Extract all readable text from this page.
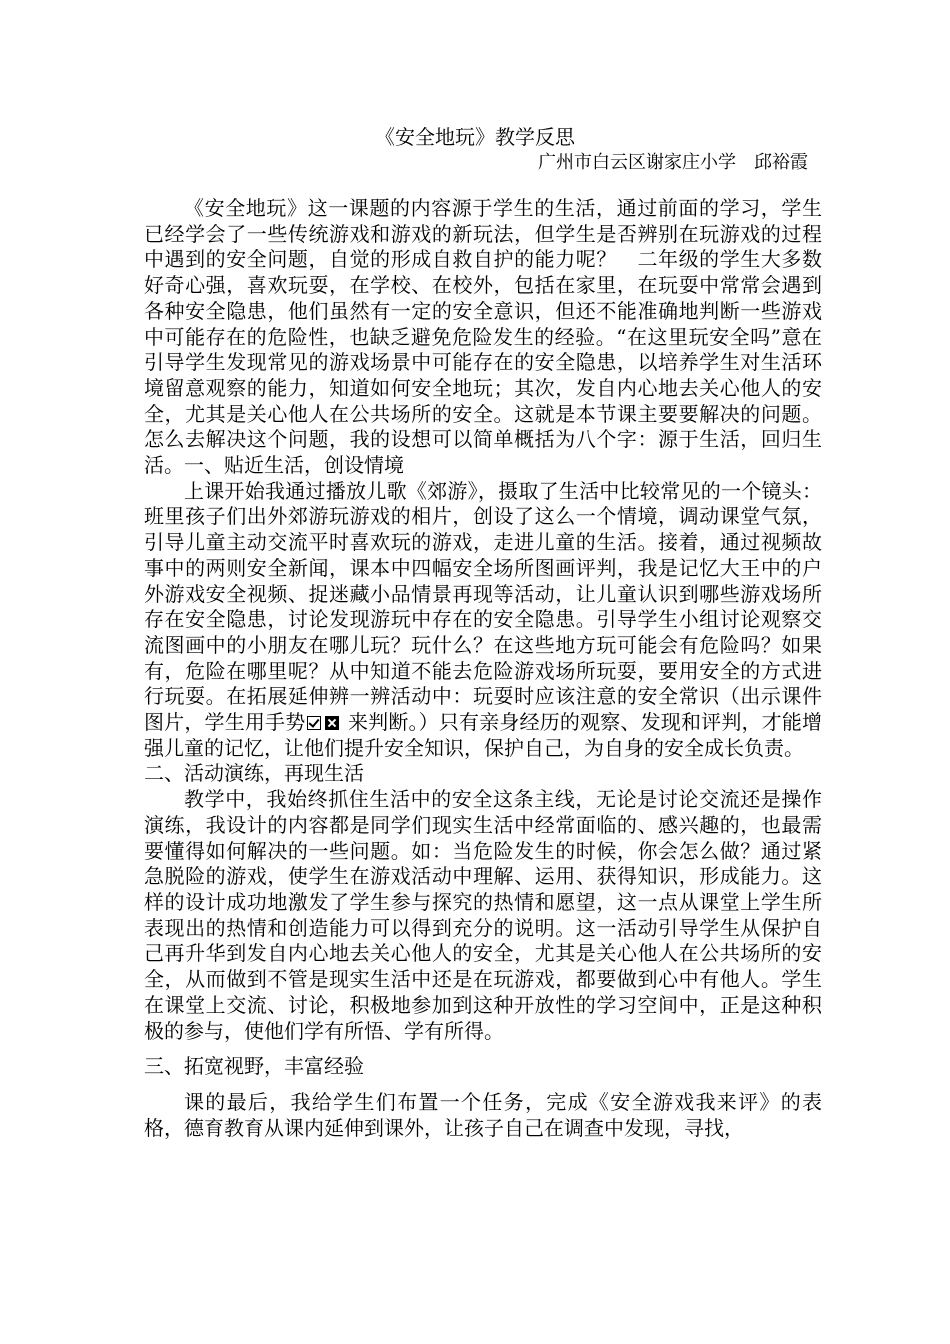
《安全地玩》教学反思
广州市白云区谢家庄小学　邱裕霞

《安全地玩》这一课题的内容源于学生的生活，通过前面的学习，学生已经学会了一些传统游戏和游戏的新玩法，但学生是否辨别在玩游戏的过程中遇到的安全问题，自觉的形成自救自护的能力呢？　二年级的学生大多数好奇心强，喜欢玩耍，在学校、在校外，包括在家里，在玩耍中常常会遇到各种安全隐患，他们虽然有一定的安全意识，但还不能准确地判断一些游戏中可能存在的危险性，也缺乏避免危险发生的经验。“在这里玩安全吗”意在引导学生发现常见的游戏场景中可能存在的安全隐患，以培养学生对生活环境留意观察的能力，知道如何安全地玩；其次，发自内心地去关心他人的安全，尤其是关心他人在公共场所的安全。这就是本节课主要要解决的问题。怎么去解决这个问题，我的设想可以简单概括为八个字：源于生活，回归生活。一、贴近生活，创设情境

上课开始我通过播放儿歌《郊游》，摄取了生活中比较常见的一个镜头：班里孩子们出外郊游玩游戏的相片，创设了这么一个情境，调动课堂气氛，引导儿童主动交流平时喜欢玩的游戏，走进儿童的生活。接着，通过视频故事中的两则安全新闻，课本中四幅安全场所图画评判，我是记忆大王中的户外游戏安全视频、捉迷藏小品情景再现等活动，让儿童认识到哪些游戏场所存在安全隐患，讨论发现游玩中存在的安全隐患。引导学生小组讨论观察交流图画中的小朋友在哪儿玩？玩什么？在这些地方玩可能会有危险吗？如果有，危险在哪里呢？从中知道不能去危险游戏场所玩耍，要用安全的方式进行玩耍。在拓展延伸辨一辨活动中：玩耍时应该注意的安全常识（出示课件图片，学生用手势 ☒ 来判断。）只有亲身经历的观察、发现和评判，才能增强儿童的记忆，让他们提升安全知识，保护自己，为自身的安全成长负责。

二、活动演练，再现生活

教学中，我始终抓住生活中的安全这条主线，无论是讨论交流还是操作演练，我设计的内容都是同学们现实生活中经常面临的、感兴趣的，也最需要懂得如何解决的一些问题。如：当危险发生的时候，你会怎么做？通过紧急脱险的游戏，使学生在游戏活动中理解、运用、获得知识，形成能力。这样的设计成功地激发了学生参与探究的热情和愿望，这一点从课堂上学生所表现出的热情和创造能力可以得到充分的说明。这一活动引导学生从保护自己再升华到发自内心地去关心他人的安全，尤其是关心他人在公共场所的安全，从而做到不管是现实生活中还是在玩游戏，都要做到心中有他人。学生在课堂上交流、讨论，积极地参加到这种开放性的学习空间中，正是这种积极的参与，使他们学有所悟、学有所得。

三、拓宽视野，丰富经验

课的最后，我给学生们布置一个任务，完成《安全游戏我来评》的表格，德育教育从课内延伸到课外，让孩子自己在调查中发现，寻找，
